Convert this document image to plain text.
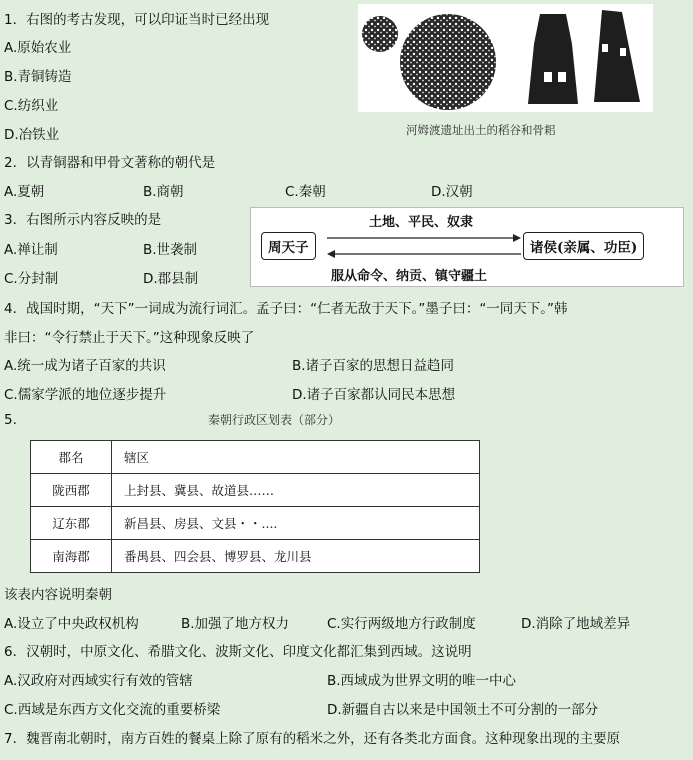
1．右图的考古发现，可以印证当时已经出现
A.原始农业
B.青铜铸造
C.纺织业
D.冶铁业	河姆渡遗址出土的稻谷和骨耜
2．以青铜器和甲骨文著称的朝代是
A.夏朝	B.商朝	C.秦朝	D.汉朝
3．右图所示内容反映的是
A.禅让制	B.世袭制
C.分封制	D.郡县制
周天子	诸侯(亲属、功臣)
土地、平民、奴隶
服从命令、纳贡、镇守疆土
4．战国时期，“天下”一词成为流行词汇。孟子曰：“仁者无敌于天下。”墨子曰：“一同天下。”韩
非曰：“令行禁止于天下。”这种现象反映了
A.统一成为诸子百家的共识	B.诸子百家的思想日益趋同
C.儒家学派的地位逐步提升	D.诸子百家都认同民本思想
5.	秦朝行政区划表（部分）
郡名	辖区
陇西郡	上封县、冀县、故道县……
辽东郡	新昌县、房县、文县・・....
南海郡	番禺县、四会县、博罗县、龙川县
该表内容说明秦朝
A.设立了中央政权机构	B.加强了地方权力	C.实行两级地方行政制度	D.消除了地域差异
6．汉朝时，中原文化、希腊文化、波斯文化、印度文化都汇集到西域。这说明
A.汉政府对西域实行有效的管辖	B.西域成为世界文明的唯一中心
C.西域是东西方文化交流的重要桥梁	D.新疆自古以来是中国领土不可分割的一部分
7．魏晋南北朝时，南方百姓的餐桌上除了原有的稻米之外，还有各类北方面食。这种现象出现的主要原
